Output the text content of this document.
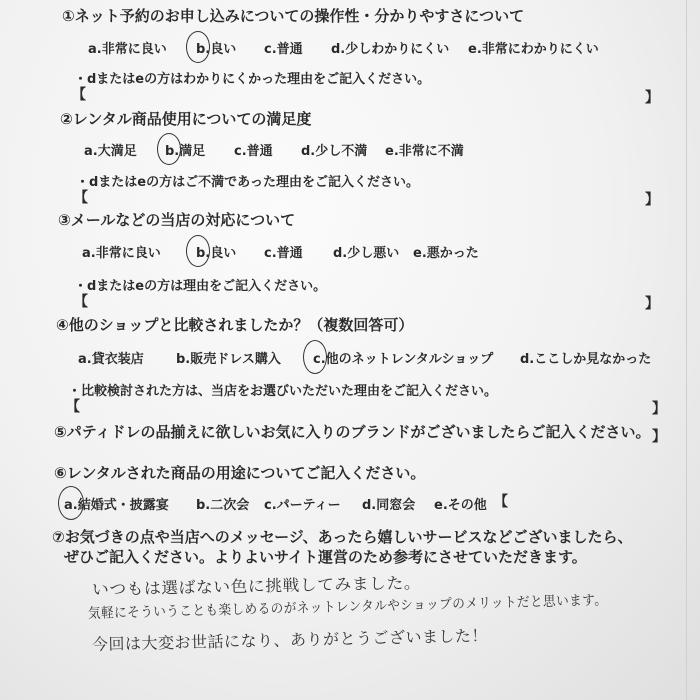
①ネット予約のお申し込みについての操作性・分かりやすさについて
a.非常に良い b.良い c.普通 d.少しわかりにくい e.非常にわかりにくい
・dまたはeの方はわかりにくかった理由をご記入ください。
【	】
②レンタル商品使用についての満足度
a.大満足 b.満足 c.普通 d.少し不満 e.非常に不満
・dまたはeの方はご不満であった理由をご記入ください。
【	】
③メールなどの当店の対応について
a.非常に良い	b.良い c.普通 d.少し悪い e.悪かった
・dまたはeの方は理由をご記入ください。
【	】
④他のショップと比較されましたか？（複数回答可）
a.貸衣装店 b.販売ドレス購入 c.他のネットレンタルショップ d.ここしか見なかった
・比較検討された方は、当店をお選びいただいた理由をご記入ください。
【	】
⑤パティドレの品揃えに欲しいお気に入りのブランドがございましたらご記入ください。 】
⑥レンタルされた商品の用途についてご記入ください。
a.結婚式・披露宴 b.二次会 c.パーティー d.同窓会 e.その他 【
⑦お気づきの点や当店へのメッセージ、あったら嬉しいサービスなどございましたら、
ぜひご記入ください。よりよいサイト運営のため参考にさせていただきます。
いつもは選ばない色に挑戦してみました。
気軽にそういうことも楽しめるのがネットレンタルやショップのメリットだと思います。
今回は大変お世話になり、ありがとうございました！
